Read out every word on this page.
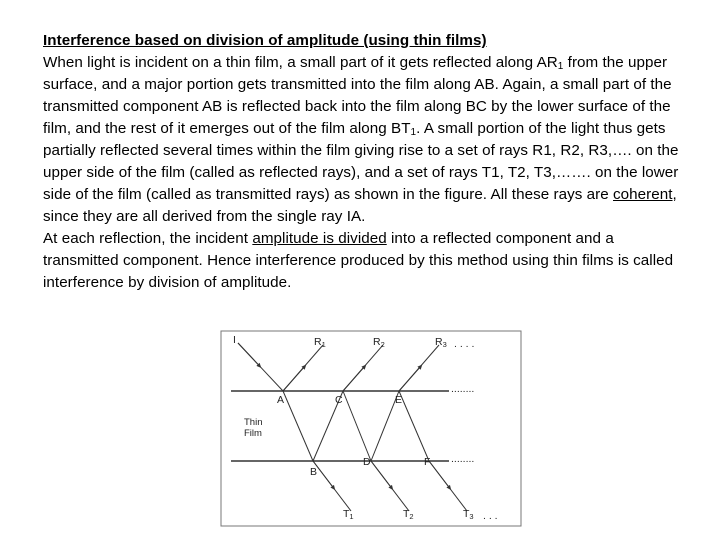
Interference based on division of amplitude (using thin films)

When light is incident on a thin film, a small part of it gets reflected along $AR_1$ from the upper surface, and a major portion gets transmitted into the film along AB. Again, a small part of the transmitted component AB is reflected back into the film along BC by the lower surface of the film, and the rest of it emerges out of the film along $BT_1$. A small portion of the light thus gets partially reflected several times within the film giving rise to a set of rays R1, R2, R3,…. on the upper side of the film (called as reflected rays), and a set of rays T1, T2, T3,……. on the lower side of the film (called as transmitted rays) as shown in the figure. All these rays are coherent, since they are all derived from the single ray IA.

At each reflection, the incident amplitude is divided into a reflected component and a transmitted component. Hence interference produced by this method using thin films is called interference by division of amplitude.

I	R1	R2	R3 . . . .
........
........
A	C	E
B
D	F
Thin
Film
T1	T2	T3 . . .
